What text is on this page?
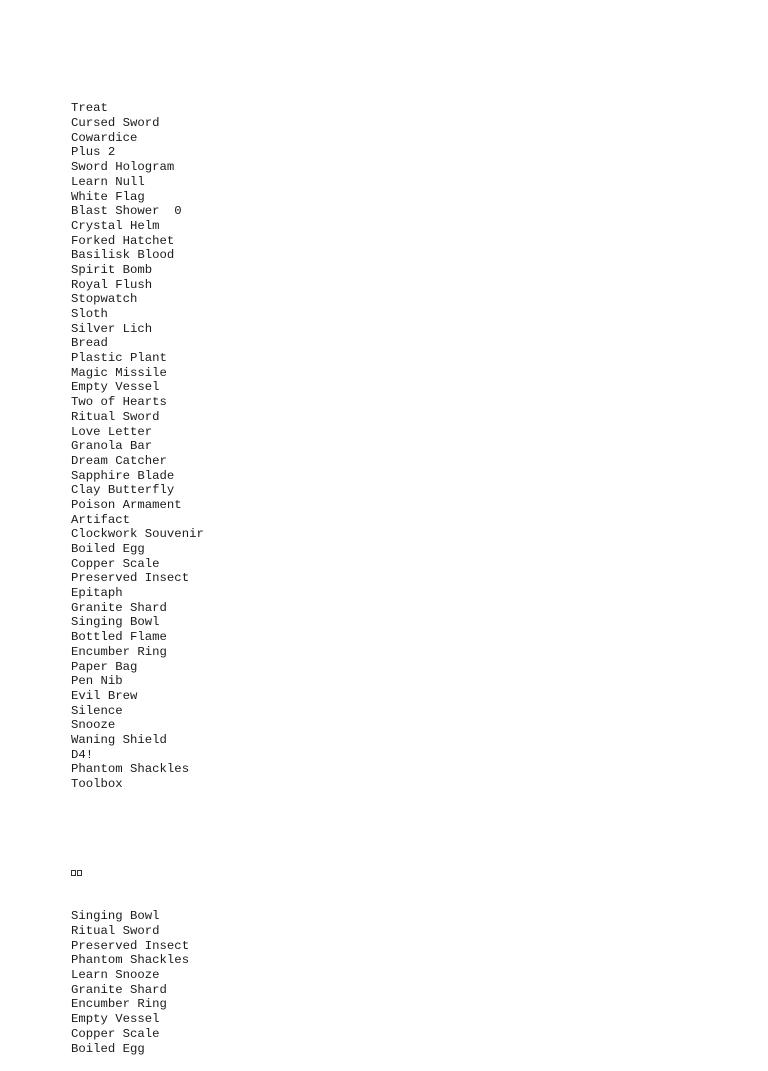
Treat
Cursed Sword
Cowardice
Plus 2
Sword Hologram
Learn Null
White Flag
Blast Shower  0
Crystal Helm
Forked Hatchet
Basilisk Blood
Spirit Bomb
Royal Flush
Stopwatch
Sloth
Silver Lich
Bread
Plastic Plant
Magic Missile
Empty Vessel
Two of Hearts
Ritual Sword
Love Letter
Granola Bar
Dream Catcher
Sapphire Blade
Clay Butterfly
Poison Armament
Artifact
Clockwork Souvenir
Boiled Egg
Copper Scale
Preserved Insect
Epitaph
Granite Shard
Singing Bowl
Bottled Flame
Encumber Ring
Paper Bag
Pen Nib
Evil Brew
Silence
Snooze
Waning Shield
D4!
Phantom Shackles
Toolbox

Singing Bowl
Ritual Sword
Preserved Insect
Phantom Shackles
Learn Snooze
Granite Shard
Encumber Ring
Empty Vessel
Copper Scale
Boiled Egg
